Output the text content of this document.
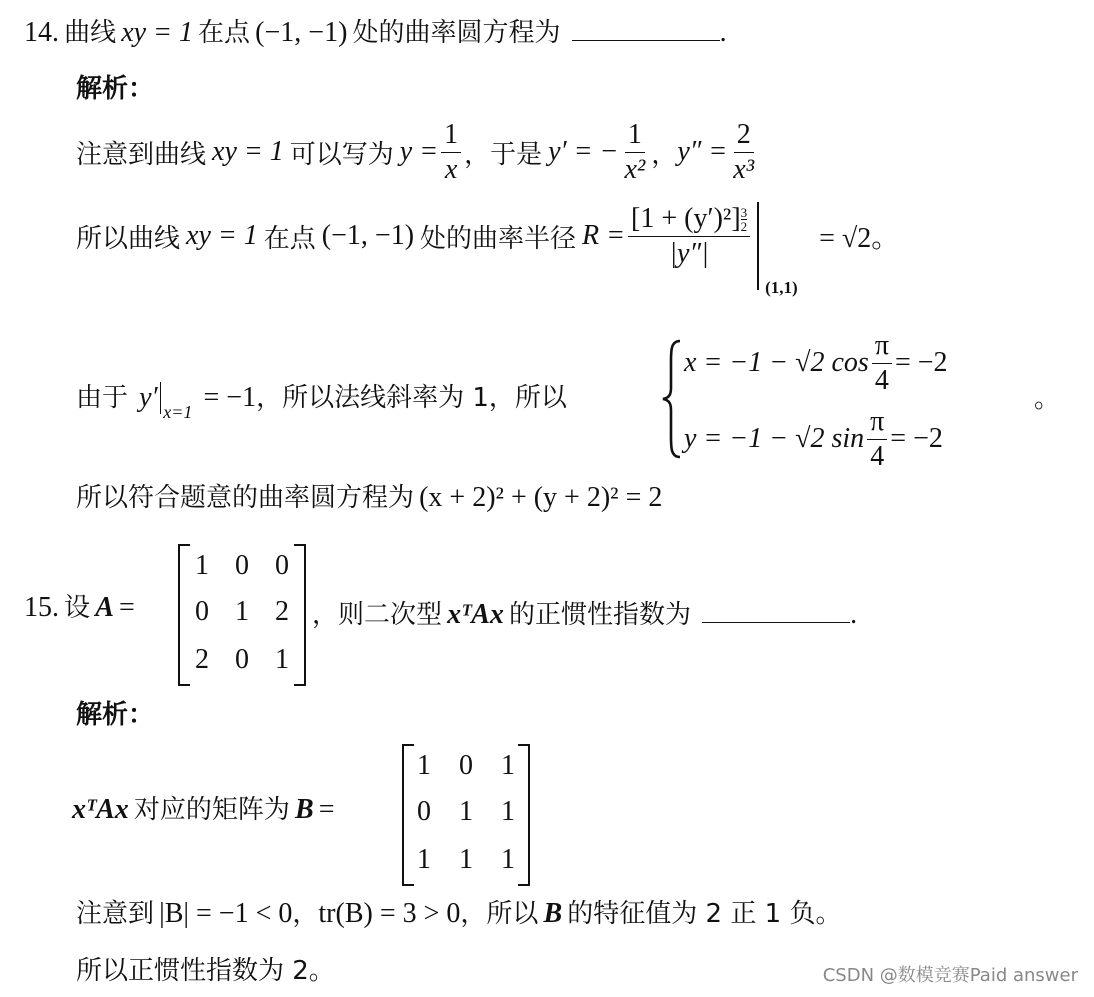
14. 曲线 xy = 1 在点 (−1, −1) 处的曲率圆方程为	.
解析：
注意到曲线 xy = 1 可以写为 $y = \frac{1}{x}$ ，于是 y′ = − $\frac{1}{\text{x²}}$ ， $y'' = \frac{2}{\text{x³}}$
所以曲线 xy = 1 在点 (−1, −1) 处的曲率半径 R = [1 + (y′)²] $^{\frac{3}{2}}$
|y″|
(1,1)
= √2。
由于 y′ x=1 = −1，所以法线斜率为 1，所以
x = −1 − √2 $\cos \frac{\pi}{4} = -2$
y = −1 − √2 $\sin \frac{\pi}{4} = -2$
。
所以符合题意的曲率圆方程为 (x + 2)² + (y + 2)² = 2
15. 设 A =
1 0 0
0 1 2
2 0 1
，则二次型 xᵀAx 的正惯性指数为	.
解析：
xᵀAx 对应的矩阵为 B =
1	0	1
0	1	1
1	1	1
注意到 |B| = −1 < 0，tr(B) = 3 > 0，所以 B 的特征值为 2 正 1 负。
所以正惯性指数为 2。	CSDN @数模竞赛Paid answer
